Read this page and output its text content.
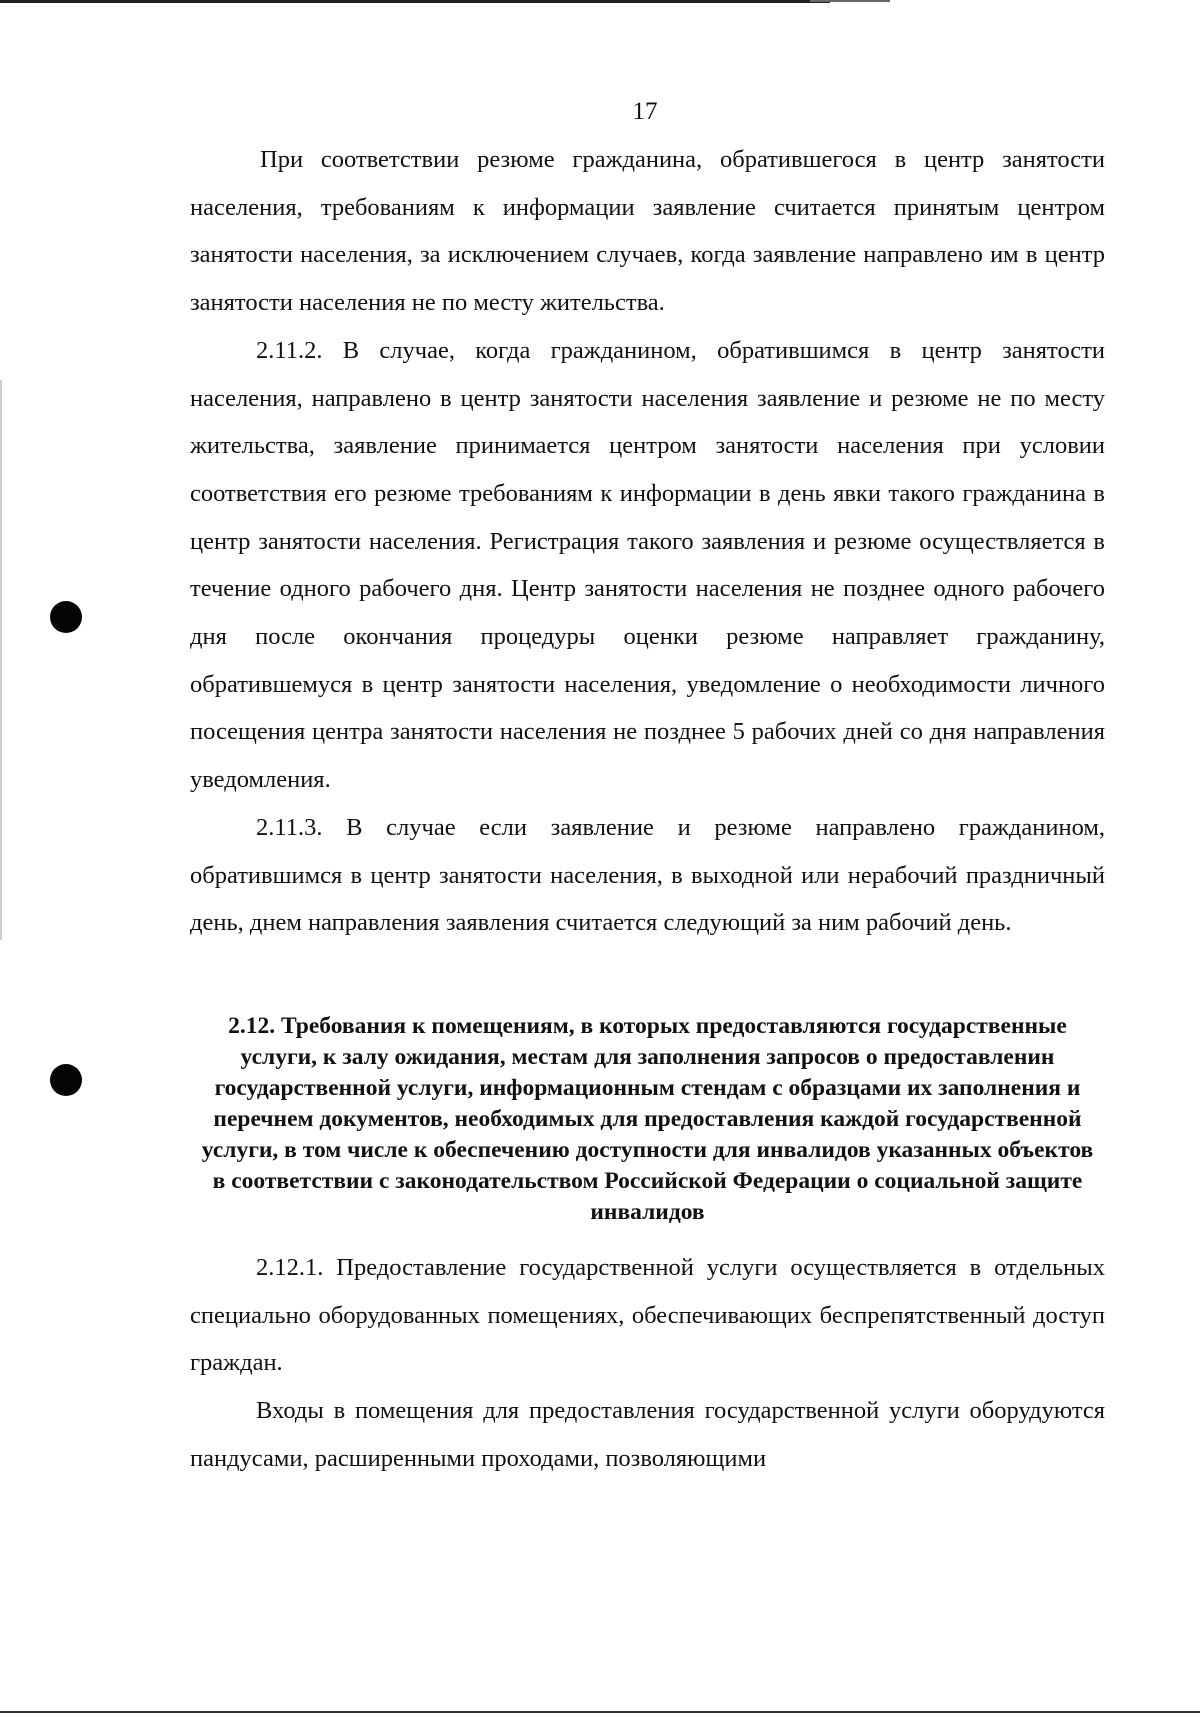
17

При соответствии резюме гражданина, обратившегося в центр занятости населения, требованиям к информации заявление считается принятым центром занятости населения, за исключением случаев, когда заявление направлено им в центр занятости населения не по месту жительства.

2.11.2. В случае, когда гражданином, обратившимся в центр занятости населения, направлено в центр занятости населения заявление и резюме не по месту жительства, заявление принимается центром занятости населения при условии соответствия его резюме требованиям к информации в день явки такого гражданина в центр занятости населения. Регистрация такого заявления и резюме осуществляется в течение одного рабочего дня. Центр занятости населения не позднее одного рабочего дня после окончания процедуры оценки резюме направляет гражданину, обратившемуся в центр занятости населения, уведомление о необходимости личного посещения центра занятости населения не позднее 5 рабочих дней со дня направления уведомления.

2.11.3. В случае если заявление и резюме направлено гражданином, обратившимся в центр занятости населения, в выходной или нерабочий праздничный день, днем направления заявления считается следующий за ним рабочий день.

2.12. Требования к помещениям, в которых предоставляются государственные услуги, к залу ожидания, местам для заполнения запросов о предоставленин государственной услуги, информационным стендам с образцами их заполнения и перечнем документов, необходимых для предоставления каждой государственной услуги, в том числе к обеспечению доступности для инвалидов указанных объектов в соответствии с законодательством Российской Федерации о социальной защите инвалидов

2.12.1. Предоставление государственной услуги осуществляется в отдельных специально оборудованных помещениях, обеспечивающих беспрепятственный доступ граждан.

Входы в помещения для предоставления государственной услуги оборудуются пандусами, расширенными проходами, позволяющими
